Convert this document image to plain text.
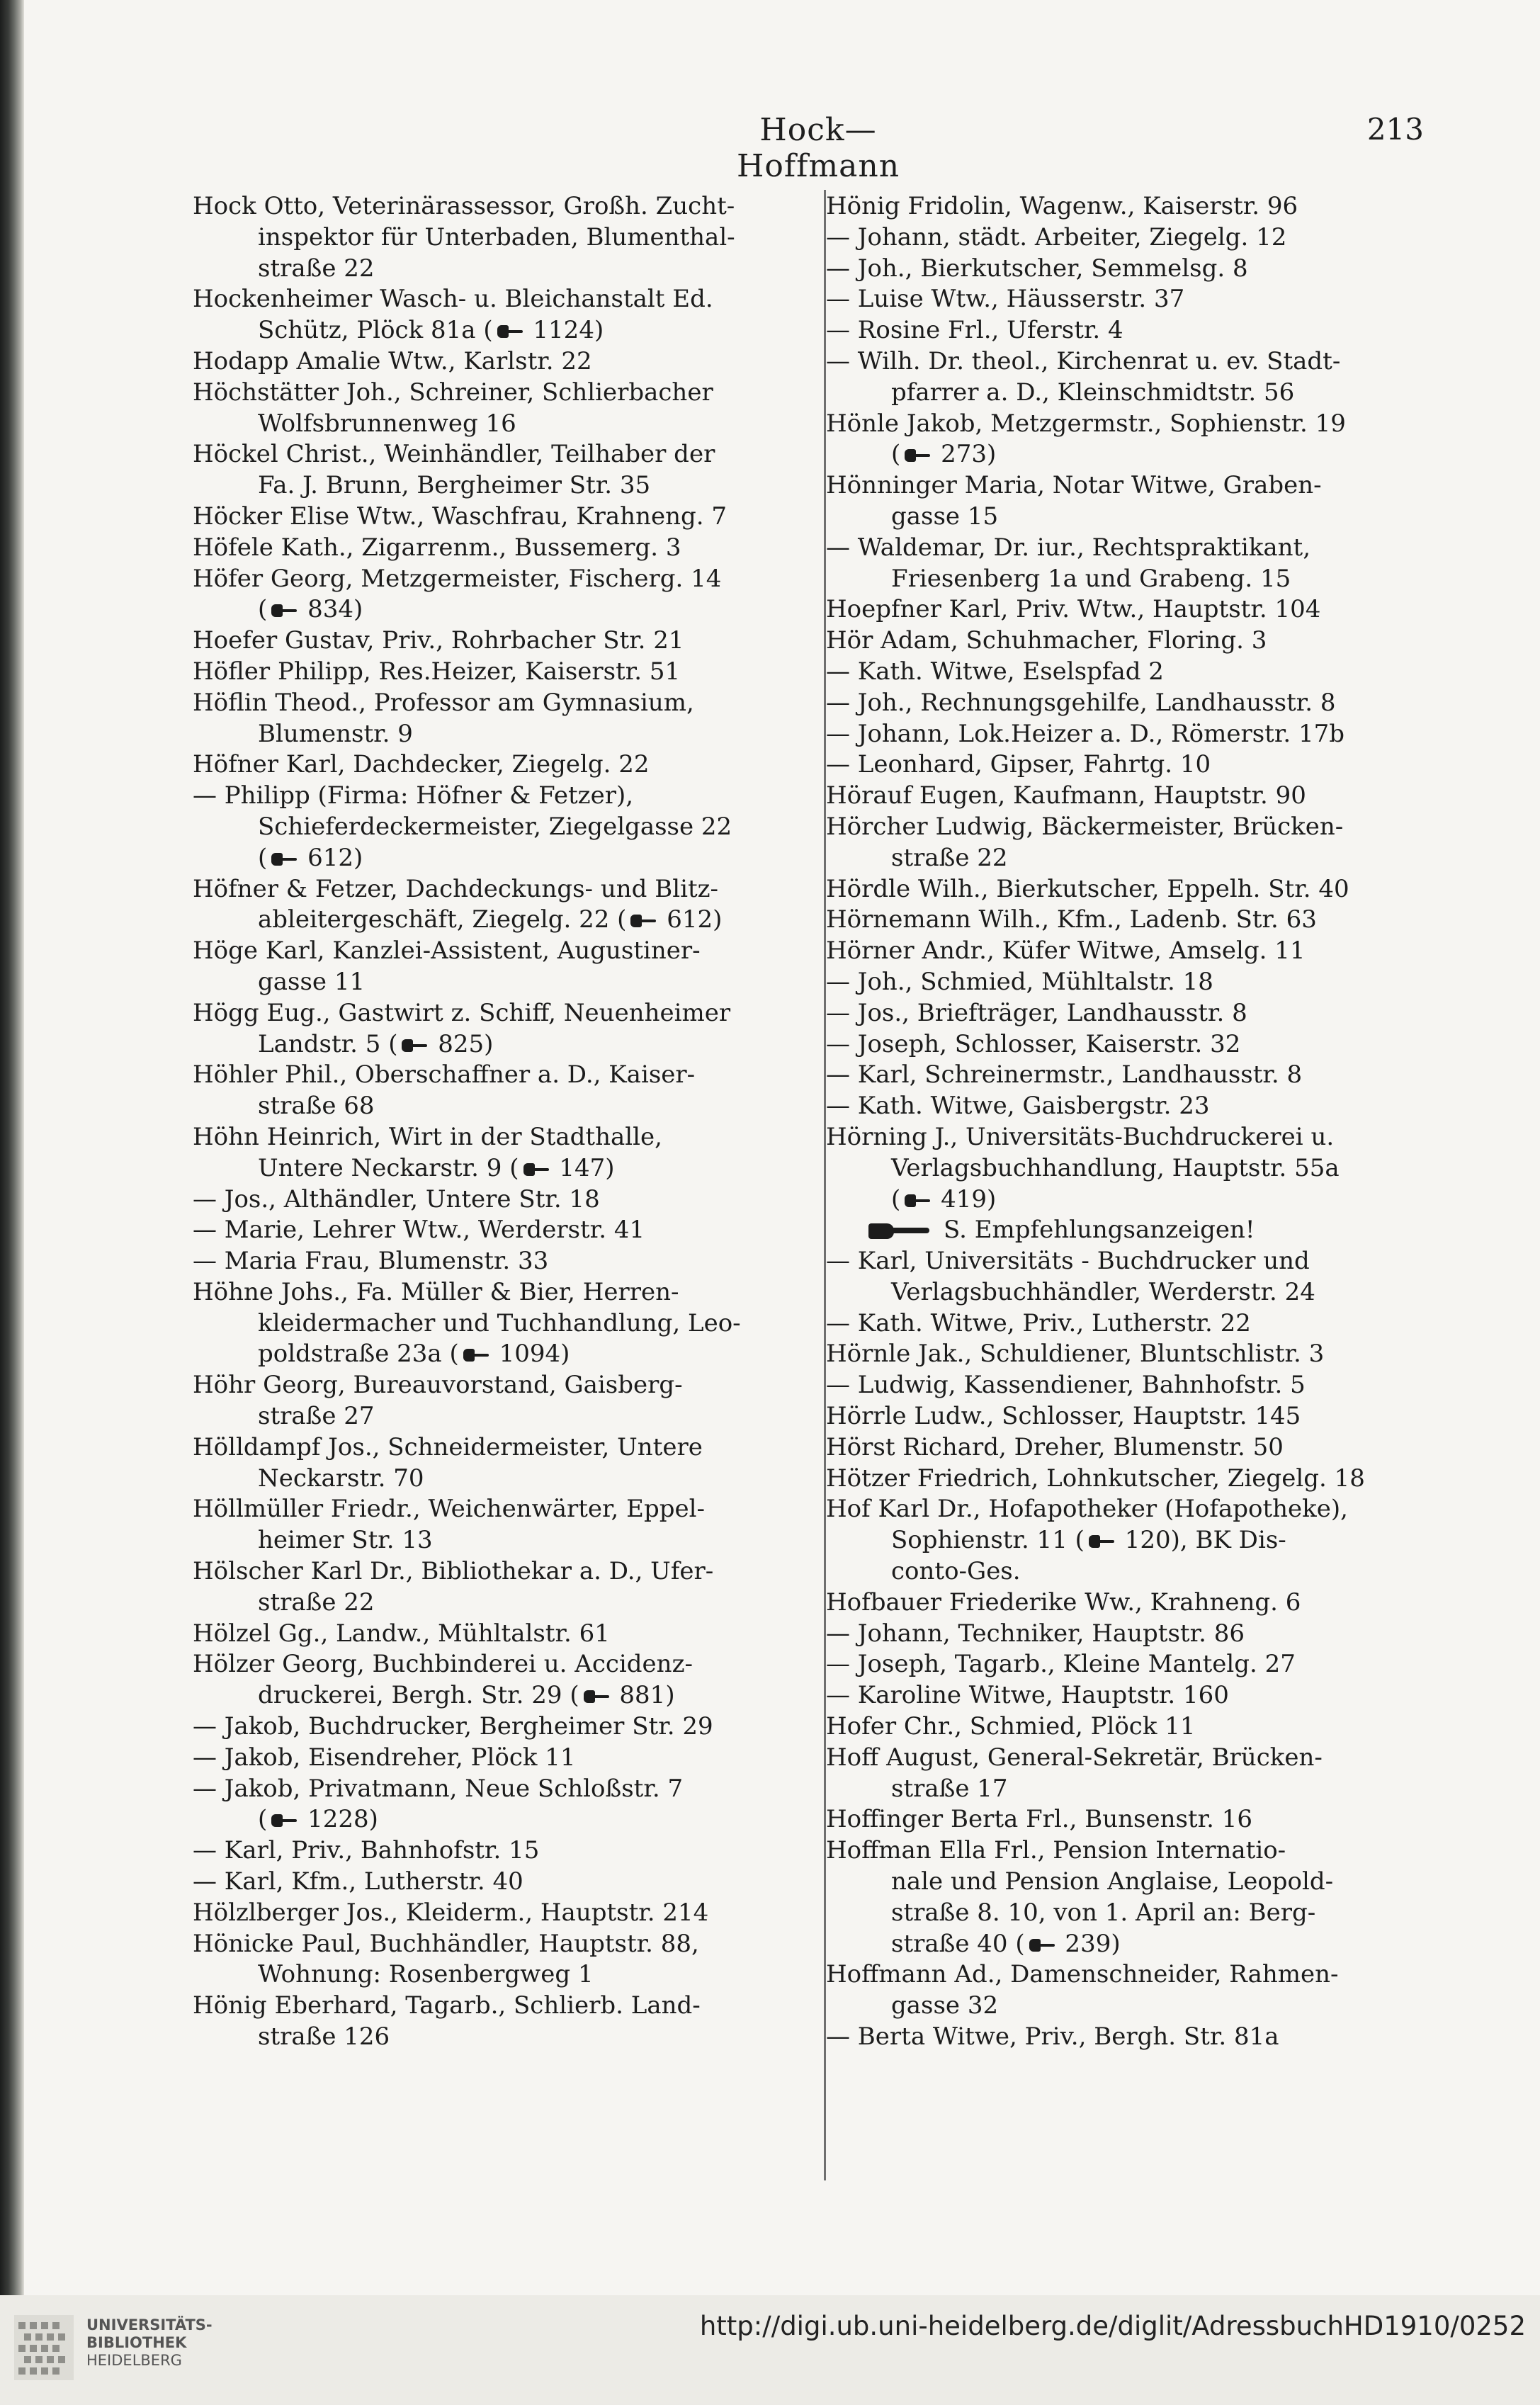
Hock—Hoffmann
213
Hock Otto, Veterinärassessor, Großh. Zucht-
inspektor für Unterbaden, Blumenthal-
straße 22
Hockenheimer Wasch- u. Bleichanstalt Ed.
Schütz, Plöck 81a ( 1124)
Hodapp Amalie Wtw., Karlstr. 22
Höchstätter Joh., Schreiner, Schlierbacher
Wolfsbrunnenweg 16
Höckel Christ., Weinhändler, Teilhaber der
Fa. J. Brunn, Bergheimer Str. 35
Höcker Elise Wtw., Waschfrau, Krahneng. 7
Höfele Kath., Zigarrenm., Bussemerg. 3
Höfer Georg, Metzgermeister, Fischerg. 14
( 834)
Hoefer Gustav, Priv., Rohrbacher Str. 21
Höfler Philipp, Res.Heizer, Kaiserstr. 51
Höflin Theod., Professor am Gymnasium,
Blumenstr. 9
Höfner Karl, Dachdecker, Ziegelg. 22
— Philipp (Firma: Höfner & Fetzer),
Schieferdeckermeister, Ziegelgasse 22
( 612)
Höfner & Fetzer, Dachdeckungs- und Blitz-
ableitergeschäft, Ziegelg. 22 ( 612)
Höge Karl, Kanzlei-Assistent, Augustiner-
gasse 11
Högg Eug., Gastwirt z. Schiff, Neuenheimer
Landstr. 5 ( 825)
Höhler Phil., Oberschaffner a. D., Kaiser-
straße 68
Höhn Heinrich, Wirt in der Stadthalle,
Untere Neckarstr. 9 ( 147)
— Jos., Althändler, Untere Str. 18
— Marie, Lehrer Wtw., Werderstr. 41
— Maria Frau, Blumenstr. 33
Höhne Johs., Fa. Müller & Bier, Herren-
kleidermacher und Tuchhandlung, Leo-
poldstraße 23a ( 1094)
Höhr Georg, Bureauvorstand, Gaisberg-
straße 27
Hölldampf Jos., Schneidermeister, Untere
Neckarstr. 70
Höllmüller Friedr., Weichenwärter, Eppel-
heimer Str. 13
Hölscher Karl Dr., Bibliothekar a. D., Ufer-
straße 22
Hölzel Gg., Landw., Mühltalstr. 61
Hölzer Georg, Buchbinderei u. Accidenz-
druckerei, Bergh. Str. 29 ( 881)
— Jakob, Buchdrucker, Bergheimer Str. 29
— Jakob, Eisendreher, Plöck 11
— Jakob, Privatmann, Neue Schloßstr. 7
( 1228)
— Karl, Priv., Bahnhofstr. 15
— Karl, Kfm., Lutherstr. 40
Hölzlberger Jos., Kleiderm., Hauptstr. 214
Hönicke Paul, Buchhändler, Hauptstr. 88,
Wohnung: Rosenbergweg 1
Hönig Eberhard, Tagarb., Schlierb. Land-
straße 126
Hönig Fridolin, Wagenw., Kaiserstr. 96
— Johann, städt. Arbeiter, Ziegelg. 12
— Joh., Bierkutscher, Semmelsg. 8
— Luise Wtw., Häusserstr. 37
— Rosine Frl., Uferstr. 4
— Wilh. Dr. theol., Kirchenrat u. ev. Stadt-
pfarrer a. D., Kleinschmidtstr. 56
Hönle Jakob, Metzgermstr., Sophienstr. 19
( 273)
Hönninger Maria, Notar Witwe, Graben-
gasse 15
— Waldemar, Dr. iur., Rechtspraktikant,
Friesenberg 1a und Grabeng. 15
Hoepfner Karl, Priv. Wtw., Hauptstr. 104
Hör Adam, Schuhmacher, Floring. 3
— Kath. Witwe, Eselspfad 2
— Joh., Rechnungsgehilfe, Landhausstr. 8
— Johann, Lok.Heizer a. D., Römerstr. 17b
— Leonhard, Gipser, Fahrtg. 10
Hörauf Eugen, Kaufmann, Hauptstr. 90
Hörcher Ludwig, Bäckermeister, Brücken-
straße 22
Hördle Wilh., Bierkutscher, Eppelh. Str. 40
Hörnemann Wilh., Kfm., Ladenb. Str. 63
Hörner Andr., Küfer Witwe, Amselg. 11
— Joh., Schmied, Mühltalstr. 18
— Jos., Briefträger, Landhausstr. 8
— Joseph, Schlosser, Kaiserstr. 32
— Karl, Schreinermstr., Landhausstr. 8
— Kath. Witwe, Gaisbergstr. 23
Hörning J., Universitäts-Buchdruckerei u.
Verlagsbuchhandlung, Hauptstr. 55a
( 419)
S. Empfehlungsanzeigen!
— Karl, Universitäts - Buchdrucker und
Verlagsbuchhändler, Werderstr. 24
— Kath. Witwe, Priv., Lutherstr. 22
Hörnle Jak., Schuldiener, Bluntschlistr. 3
— Ludwig, Kassendiener, Bahnhofstr. 5
Hörrle Ludw., Schlosser, Hauptstr. 145
Hörst Richard, Dreher, Blumenstr. 50
Hötzer Friedrich, Lohnkutscher, Ziegelg. 18
Hof Karl Dr., Hofapotheker (Hofapotheke),
Sophienstr. 11 ( 120), BK Dis-
conto-Ges.
Hofbauer Friederike Ww., Krahneng. 6
— Johann, Techniker, Hauptstr. 86
— Joseph, Tagarb., Kleine Mantelg. 27
— Karoline Witwe, Hauptstr. 160
Hofer Chr., Schmied, Plöck 11
Hoff August, General-Sekretär, Brücken-
straße 17
Hoffinger Berta Frl., Bunsenstr. 16
Hoffman Ella Frl., Pension Internatio-
nale und Pension Anglaise, Leopold-
straße 8. 10, von 1. April an: Berg-
straße 40 ( 239)
Hoffmann Ad., Damenschneider, Rahmen-
gasse 32
— Berta Witwe, Priv., Bergh. Str. 81a
UNIVERSITÄTS-
BIBLIOTHEK
HEIDELBERG
http://digi.ub.uni-heidelberg.de/diglit/AdressbuchHD1910/0252
